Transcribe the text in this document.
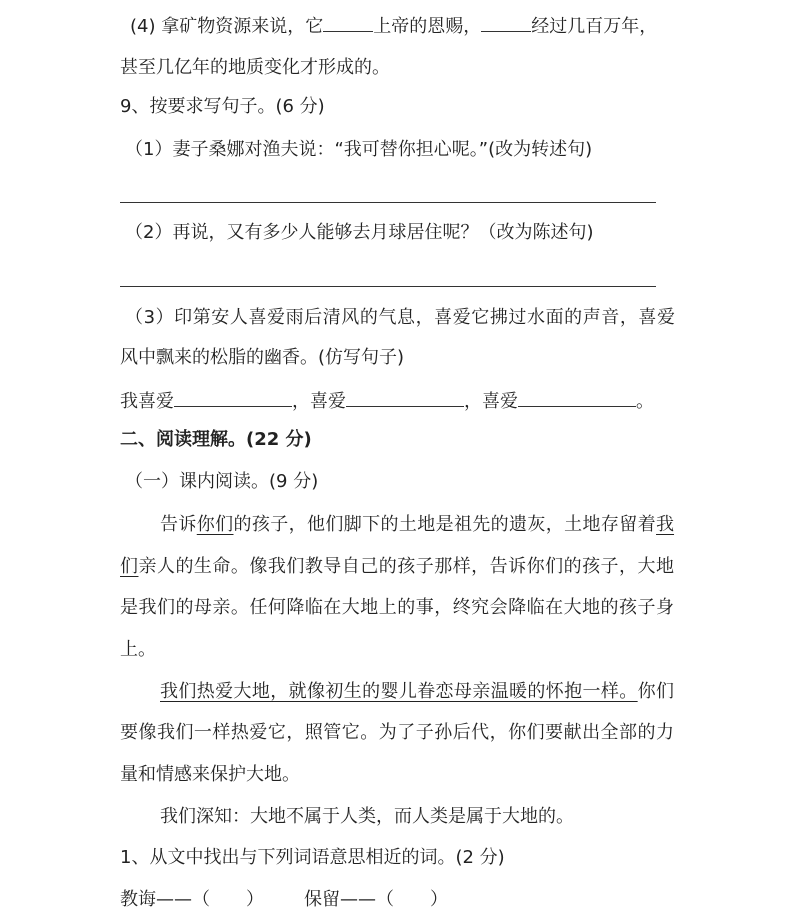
(4) 拿矿物资源来说，它	上帝的恩赐，	经过几百万年，
甚至几亿年的地质变化才形成的。
9、按要求写句子。(6 分)
（1）妻子桑娜对渔夫说：“我可替你担心呢。”(改为转述句)
（2）再说，又有多少人能够去月球居住呢？（改为陈述句)
（3）印第安人喜爱雨后清风的气息，喜爱它拂过水面的声音，喜爱
风中飘来的松脂的幽香。(仿写句子)
我喜爱	，喜爱	，喜爱	。
二、阅读理解。(22 分)
（一）课内阅读。(9 分)
告诉你们的孩子，他们脚下的土地是祖先的遗灰，土地存留着我
们亲人的生命。像我们教导自己的孩子那样，告诉你们的孩子，大地
是我们的母亲。任何降临在大地上的事，终究会降临在大地的孩子身
上。
我们热爱大地，就像初生的婴儿眷恋母亲温暖的怀抱一样。你们
要像我们一样热爱它，照管它。为了子孙后代，你们要献出全部的力
量和情感来保护大地。
我们深知：大地不属于人类，而人类是属于大地的。
1、从文中找出与下列词语意思相近的词。(2 分)
教诲——（ ） 保留——（ ）
